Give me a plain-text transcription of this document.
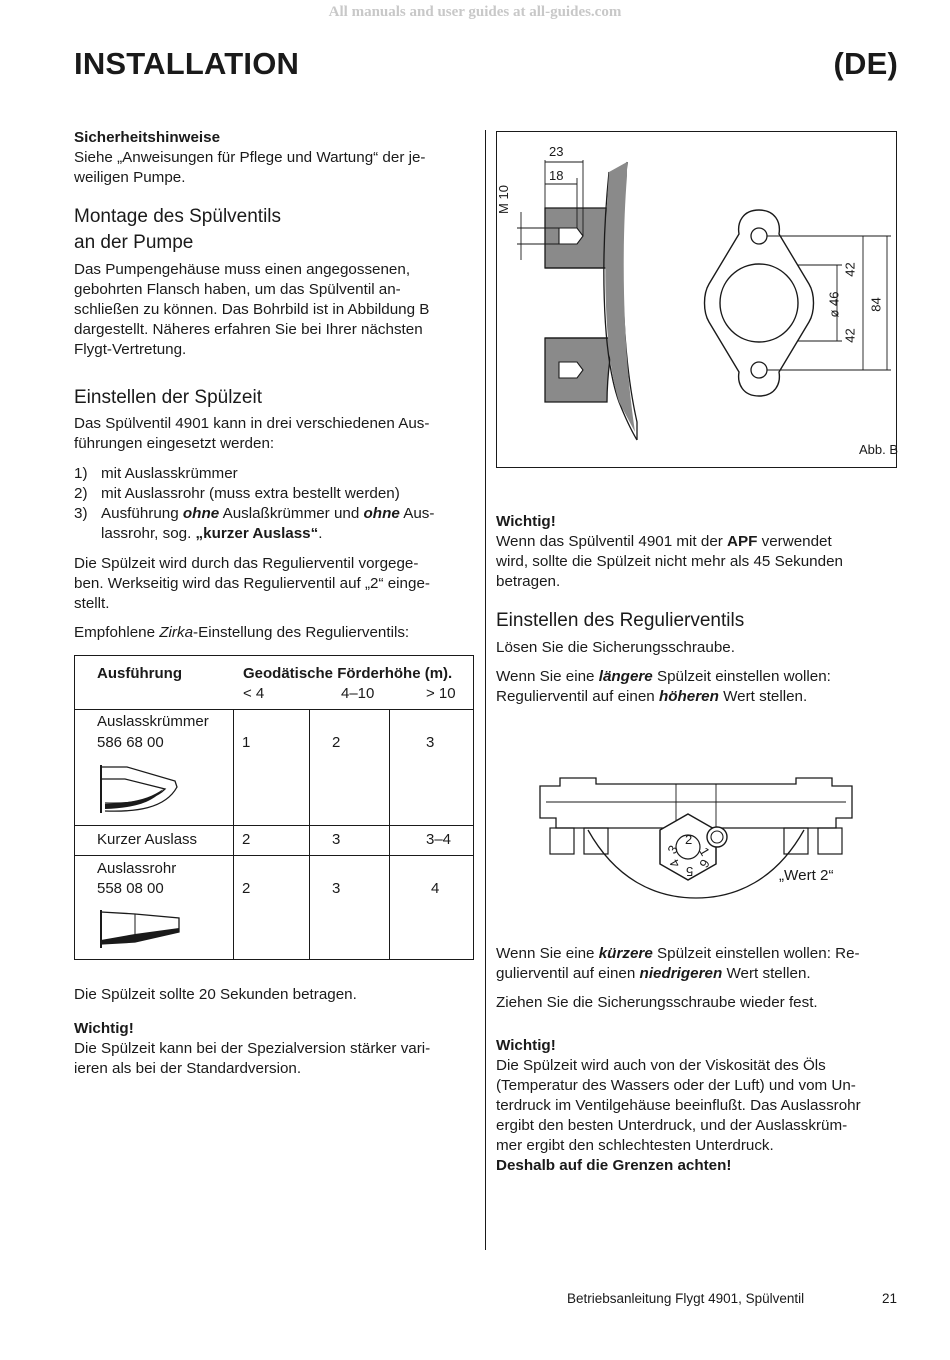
All manuals and user guides at all-guides.com
INSTALLATION	(DE)
Sicherheitshinweise
Siehe „Anweisungen für Pflege und Wartung“ der je-
weiligen Pumpe.
Montage des Spülventils
an der Pumpe
Das Pumpengehäuse muss einen angegossenen,
gebohrten Flansch haben, um das Spülventil an-
schließen zu können. Das Bohrbild ist in Abbildung B
dargestellt. Näheres erfahren Sie bei Ihrer nächsten
Flygt-Vertretung.
Einstellen der Spülzeit
Das Spülventil 4901 kann in drei verschiedenen Aus-
führungen eingesetzt werden:
1) mit Auslasskrümmer
2) mit Auslassrohr (muss extra bestellt werden)
3) Ausführung ohne Auslaßkrümmer und ohne Aus-
lassrohr, sog. „kurzer Auslass“.
Die Spülzeit wird durch das Regulierventil vorgege-
ben. Werkseitig wird das Regulierventil auf „2“ einge-
stellt.
Empfohlene Zirka-Einstellung des Regulierventils:
Ausführung	Geodätische Förderhöhe (m).
< 4	4–10	> 10
Auslasskrümmer
586 68 00	1	2	3
Kurzer Auslass	2	3	3–4
Auslassrohr
558 08 00	2	3	4
Die Spülzeit sollte 20 Sekunden betragen.
Wichtig!
Die Spülzeit kann bei der Spezialversion stärker vari-
ieren als bei der Standardversion.
23
18
M 10
42
ø 46 84
42
Abb. B
Wichtig!
Wenn das Spülventil 4901 mit der APF verwendet
wird, sollte die Spülzeit nicht mehr als 45 Sekunden
betragen.
Einstellen des Regulierventils
Lösen Sie die Sicherungsschraube.
Wenn Sie eine längere Spülzeit einstellen wollen:
Regulierventil auf einen höheren Wert stellen.
2
1
3
6
4
5	„Wert 2“
Wenn Sie eine kürzere Spülzeit einstellen wollen: Re-
gulierventil auf einen niedrigeren Wert stellen.
Ziehen Sie die Sicherungsschraube wieder fest.
Wichtig!
Die Spülzeit wird auch von der Viskosität des Öls
(Temperatur des Wassers oder der Luft) und vom Un-
terdruck im Ventilgehäuse beeinflußt. Das Auslassrohr
ergibt den besten Unterdruck, und der Auslasskrüm-
mer ergibt den schlechtesten Unterdruck.
Deshalb auf die Grenzen achten!
Betriebsanleitung Flygt 4901, Spülventil	21
